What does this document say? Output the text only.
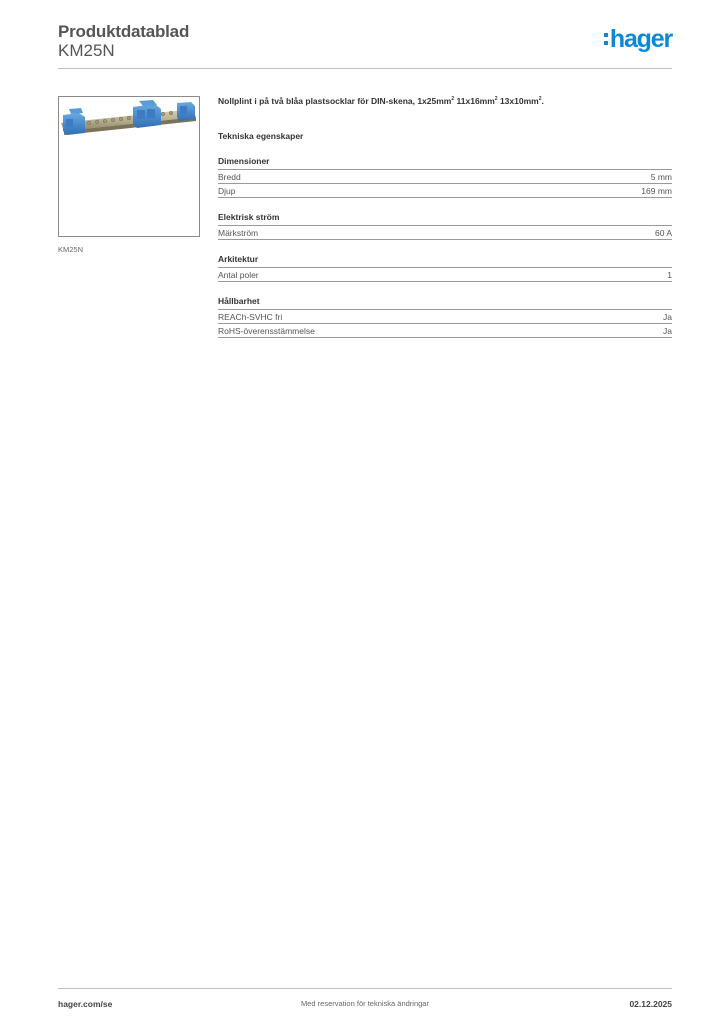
Produktdatablad
KM25N	hager
KM25N

Nollplint i på två blåa plastsocklar för DIN-skena, $1x25mm^2$ $11x16mm^2$ $13x10mm^2$.

Tekniska egenskaper
Dimensioner
Bredd	5 mm
Djup	169 mm
Elektrisk ström
Märkström	60 A
Arkitektur
Antal poler	1
Hållbarhet
REACh-SVHC fri	Ja
RoHS-överensstämmelse	Ja
hager.com/se	Med reservation för tekniska ändringar	02.12.2025
